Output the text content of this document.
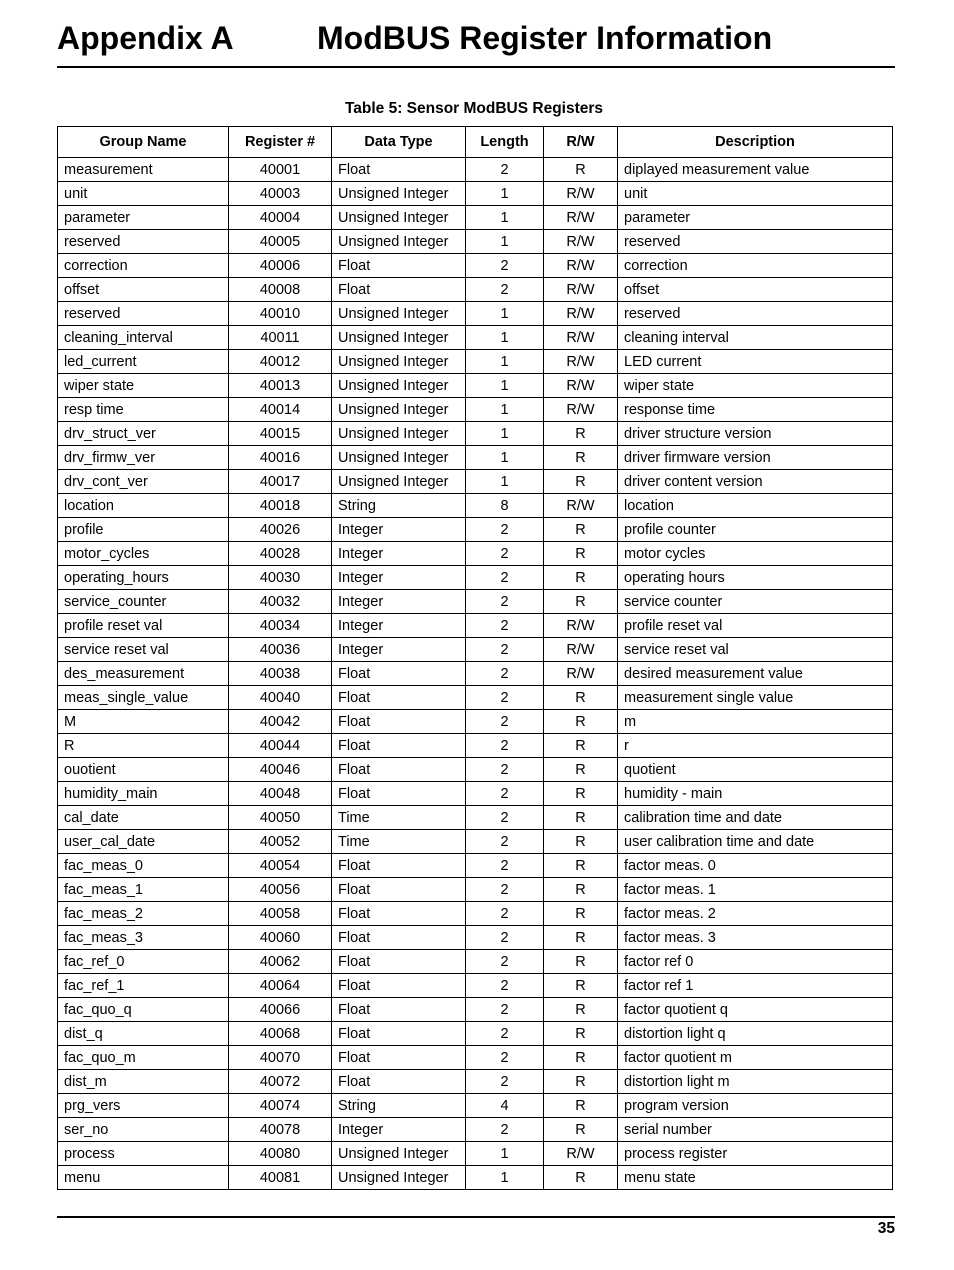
Appendix A	ModBUS Register Information
Table 5: Sensor ModBUS Registers
Group Name	Register #	Data Type	Length	R/W	Description
measurement	40001	Float	2	R	diplayed measurement value
unit	40003	Unsigned Integer	1	R/W	unit
parameter	40004	Unsigned Integer	1	R/W	parameter
reserved	40005	Unsigned Integer	1	R/W	reserved
correction	40006	Float	2	R/W	correction
offset	40008	Float	2	R/W	offset
reserved	40010	Unsigned Integer	1	R/W	reserved
cleaning_interval	40011	Unsigned Integer	1	R/W	cleaning interval
led_current	40012	Unsigned Integer	1	R/W	LED current
wiper state	40013	Unsigned Integer	1	R/W	wiper state
resp time	40014	Unsigned Integer	1	R/W	response time
drv_struct_ver	40015	Unsigned Integer	1	R	driver structure version
drv_firmw_ver	40016	Unsigned Integer	1	R	driver firmware version
drv_cont_ver	40017	Unsigned Integer	1	R	driver content version
location	40018	String	8	R/W	location
profile	40026	Integer	2	R	profile counter
motor_cycles	40028	Integer	2	R	motor cycles
operating_hours	40030	Integer	2	R	operating hours
service_counter	40032	Integer	2	R	service counter
profile reset val	40034	Integer	2	R/W	profile reset val
service reset val	40036	Integer	2	R/W	service reset val
des_measurement	40038	Float	2	R/W	desired measurement value
meas_single_value	40040	Float	2	R	measurement single value
M	40042	Float	2	R	m
R	40044	Float	2	R	r
ouotient	40046	Float	2	R	quotient
humidity_main	40048	Float	2	R	humidity - main
cal_date	40050	Time	2	R	calibration time and date
user_cal_date	40052	Time	2	R	user calibration time and date
fac_meas_0	40054	Float	2	R	factor meas. 0
fac_meas_1	40056	Float	2	R	factor meas. 1
fac_meas_2	40058	Float	2	R	factor meas. 2
fac_meas_3	40060	Float	2	R	factor meas. 3
fac_ref_0	40062	Float	2	R	factor ref 0
fac_ref_1	40064	Float	2	R	factor ref 1
fac_quo_q	40066	Float	2	R	factor quotient q
dist_q	40068	Float	2	R	distortion light q
fac_quo_m	40070	Float	2	R	factor quotient m
dist_m	40072	Float	2	R	distortion light m
prg_vers	40074	String	4	R	program version
ser_no	40078	Integer	2	R	serial number
process	40080	Unsigned Integer	1	R/W	process register
menu	40081	Unsigned Integer	1	R	menu state
35
